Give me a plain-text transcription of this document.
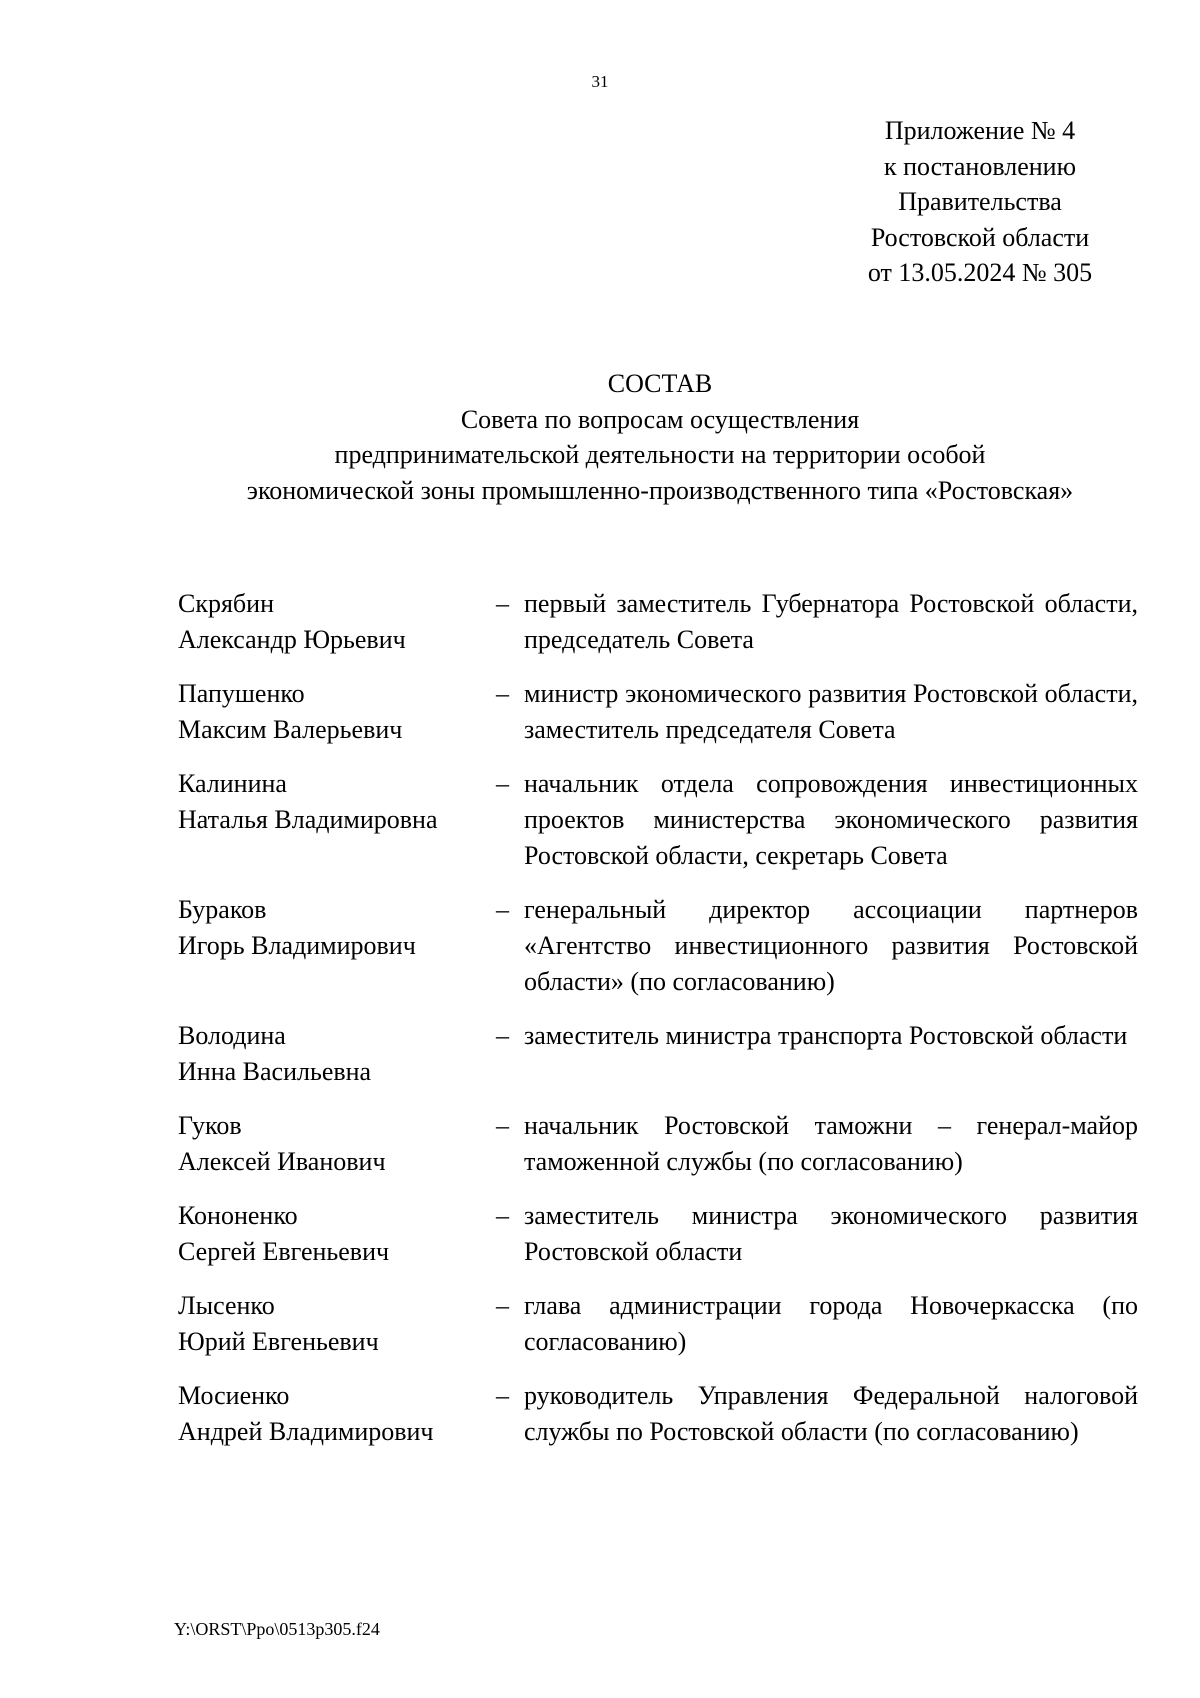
31
Приложение № 4
к постановлению
Правительства
Ростовской области
от 13.05.2024 № 305
СОСТАВ
Совета по вопросам осуществления
предпринимательской деятельности на территории особой
экономической зоны промышленно-производственного типа «Ростовская»
Скрябин
Александр Юрьевич
– первый заместитель Губернатора Ростовской области, председатель Совета
Папушенко
Максим Валерьевич
– министр экономического развития Ростовской области, заместитель председателя Совета
Калинина
Наталья Владимировна
– начальник отдела сопровождения инвестиционных проектов министерства экономического развития Ростовской области, секретарь Совета
Бураков
Игорь Владимирович
– генеральный директор ассоциации партнеров «Агентство инвестиционного развития Ростовской области» (по согласованию)
Володина
Инна Васильевна
– заместитель министра транспорта Ростовской области
Гуков
Алексей Иванович
– начальник Ростовской таможни – генерал-майор таможенной службы (по согласованию)
Кононенко
Сергей Евгеньевич
– заместитель министра экономического развития Ростовской области
Лысенко
Юрий Евгеньевич
– глава администрации города Новочеркасска (по согласованию)
Мосиенко
Андрей Владимирович
– руководитель Управления Федеральной налоговой службы по Ростовской области (по согласованию)
Y:\ORST\Ppo\0513p305.f24
